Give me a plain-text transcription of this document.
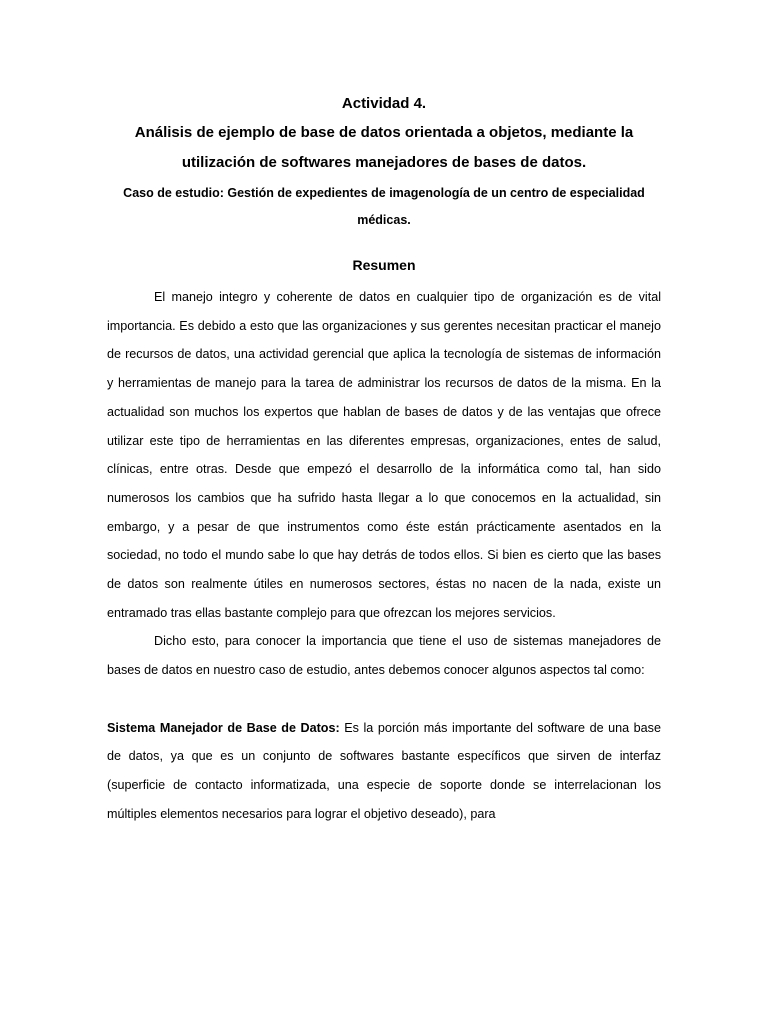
Actividad 4.

Análisis de ejemplo de base de datos orientada a objetos, mediante la utilización de softwares manejadores de bases de datos.

Caso de estudio: Gestión de expedientes de imagenología de un centro de especialidad médicas.

Resumen

El manejo integro y coherente de datos en cualquier tipo de organización es de vital importancia. Es debido a esto que las organizaciones y sus gerentes necesitan practicar el manejo de recursos de datos, una actividad gerencial que aplica la tecnología de sistemas de información y herramientas de manejo para la tarea de administrar los recursos de datos de la misma. En la actualidad son muchos los expertos que hablan de bases de datos y de las ventajas que ofrece utilizar este tipo de herramientas en las diferentes empresas, organizaciones, entes de salud, clínicas, entre otras. Desde que empezó el desarrollo de la informática como tal, han sido numerosos los cambios que ha sufrido hasta llegar a lo que conocemos en la actualidad, sin embargo, y a pesar de que instrumentos como éste están prácticamente asentados en la sociedad, no todo el mundo sabe lo que hay detrás de todos ellos. Si bien es cierto que las bases de datos son realmente útiles en numerosos sectores, éstas no nacen de la nada, existe un entramado tras ellas bastante complejo para que ofrezcan los mejores servicios.

Dicho esto, para conocer la importancia que tiene el uso de sistemas manejadores de bases de datos en nuestro caso de estudio, antes debemos conocer algunos aspectos tal como:

Sistema Manejador de Base de Datos: Es la porción más importante del software de una base de datos, ya que es un conjunto de softwares bastante específicos que sirven de interfaz (superficie de contacto informatizada, una especie de soporte donde se interrelacionan los múltiples elementos necesarios para lograr el objetivo deseado), para
